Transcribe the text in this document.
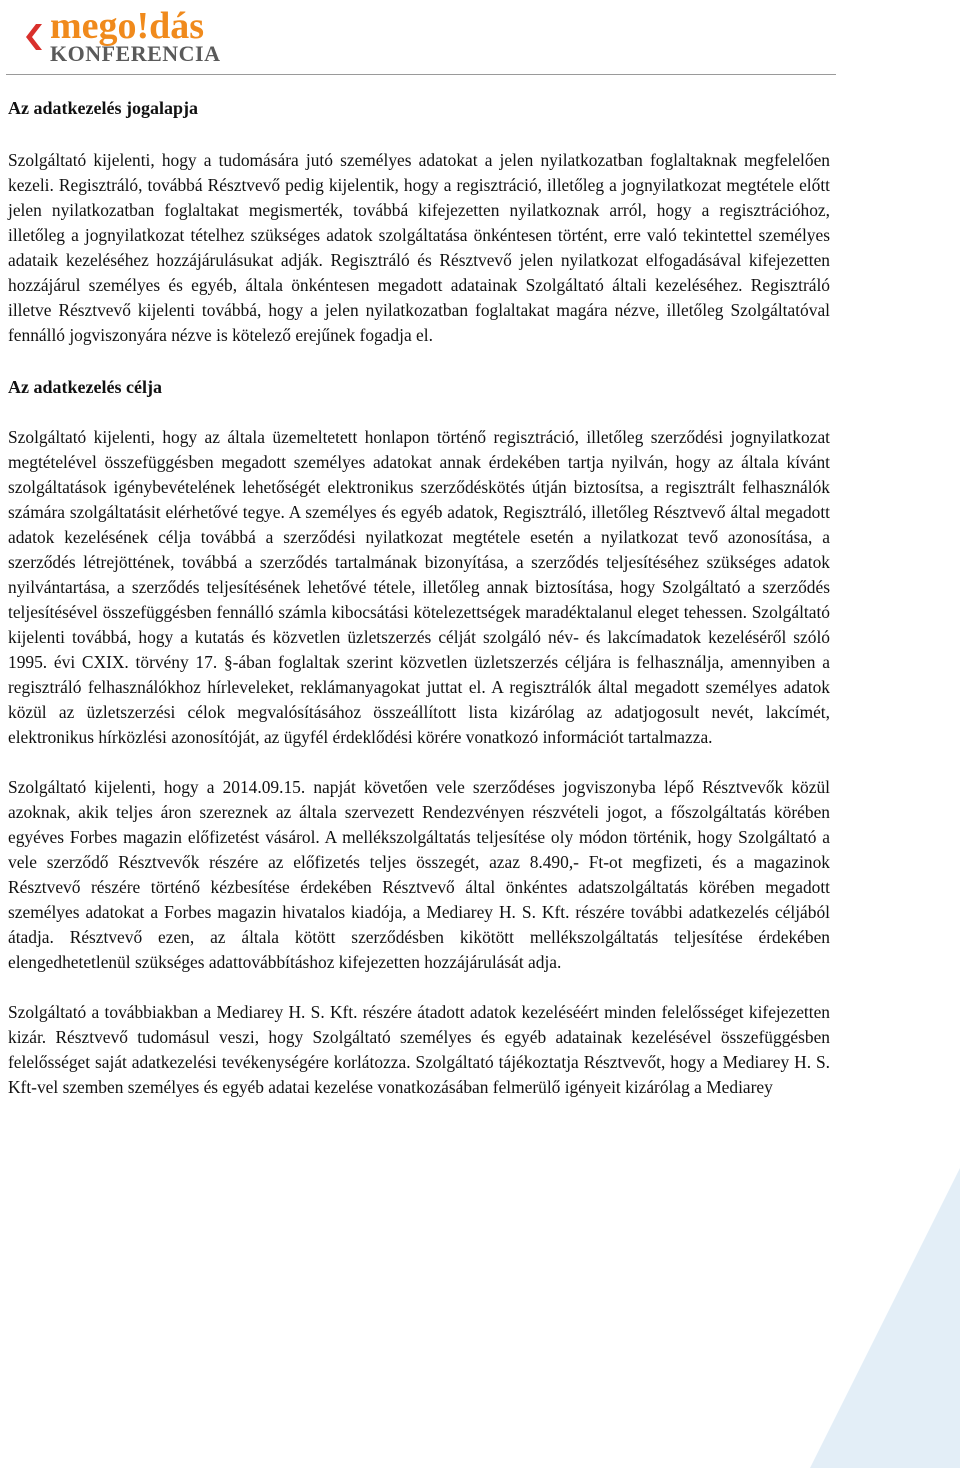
mego!dás
KONFERENCIA
Az adatkezelés jogalapja

Szolgáltató kijelenti, hogy a tudomására jutó személyes adatokat a jelen nyilatkozatban foglaltaknak megfelelően kezeli. Regisztráló, továbbá Résztvevő pedig kijelentik, hogy a regisztráció, illetőleg a jognyilatkozat megtétele előtt jelen nyilatkozatban foglaltakat megismerték, továbbá kifejezetten nyilatkoznak arról, hogy a regisztrációhoz, illetőleg a jognyilatkozat tételhez szükséges adatok szolgáltatása önkéntesen történt, erre való tekintettel személyes adataik kezeléséhez hozzájárulásukat adják. Regisztráló és Résztvevő jelen nyilatkozat elfogadásával kifejezetten hozzájárul személyes és egyéb, általa önkéntesen megadott adatainak Szolgáltató általi kezeléséhez. Regisztráló illetve Résztvevő kijelenti továbbá, hogy a jelen nyilatkozatban foglaltakat magára nézve, illetőleg Szolgáltatóval fennálló jogviszonyára nézve is kötelező erejűnek fogadja el.

Az adatkezelés célja

Szolgáltató kijelenti, hogy az általa üzemeltetett honlapon történő regisztráció, illetőleg szerződési jognyilatkozat megtételével összefüggésben megadott személyes adatokat annak érdekében tartja nyilván, hogy az általa kívánt szolgáltatások igénybevételének lehetőségét elektronikus szerződéskötés útján biztosítsa, a regisztrált felhasználók számára szolgáltatásit elérhetővé tegye. A személyes és egyéb adatok, Regisztráló, illetőleg Résztvevő által megadott adatok kezelésének célja továbbá a szerződési nyilatkozat megtétele esetén a nyilatkozat tevő azonosítása, a szerződés létrejöttének, továbbá a szerződés tartalmának bizonyítása, a szerződés teljesítéséhez szükséges adatok nyilvántartása, a szerződés teljesítésének lehetővé tétele, illetőleg annak biztosítása, hogy Szolgáltató a szerződés teljesítésével összefüggésben fennálló számla kibocsátási kötelezettségek maradéktalanul eleget tehessen. Szolgáltató kijelenti továbbá, hogy a kutatás és közvetlen üzletszerzés célját szolgáló név- és lakcímadatok kezeléséről szóló 1995. évi CXIX. törvény 17. §-ában foglaltak szerint közvetlen üzletszerzés céljára is felhasználja, amennyiben a regisztráló felhasználókhoz hírleveleket, reklámanyagokat juttat el. A regisztrálók által megadott személyes adatok közül az üzletszerzési célok megvalósításához összeállított lista kizárólag az adatjogosult nevét, lakcímét, elektronikus hírközlési azonosítóját, az ügyfél érdeklődési körére vonatkozó információt tartalmazza.

Szolgáltató kijelenti, hogy a 2014.09.15. napját követően vele szerződéses jogviszonyba lépő Résztvevők közül azoknak, akik teljes áron szereznek az általa szervezett Rendezvényen részvételi jogot, a főszolgáltatás körében egyéves Forbes magazin előfizetést vásárol. A mellékszolgáltatás teljesítése oly módon történik, hogy Szolgáltató a vele szerződő Résztvevők részére az előfizetés teljes összegét, azaz 8.490,- Ft-ot megfizeti, és a magazinok Résztvevő részére történő kézbesítése érdekében Résztvevő által önkéntes adatszolgáltatás körében megadott személyes adatokat a Forbes magazin hivatalos kiadója, a Mediarey H. S. Kft. részére további adatkezelés céljából átadja. Résztvevő ezen, az általa kötött szerződésben kikötött mellékszolgáltatás teljesítése érdekében elengedhetetlenül szükséges adattovábbításhoz kifejezetten hozzájárulását adja.

Szolgáltató a továbbiakban a Mediarey H. S. Kft. részére átadott adatok kezeléséért minden felelősséget kifejezetten kizár. Résztvevő tudomásul veszi, hogy Szolgáltató személyes és egyéb adatainak kezelésével összefüggésben felelősséget saját adatkezelési tevékenységére korlátozza. Szolgáltató tájékoztatja Résztvevőt, hogy a Mediarey H. S. Kft-vel szemben személyes és egyéb adatai kezelése vonatkozásában felmerülő igényeit kizárólag a Mediarey
